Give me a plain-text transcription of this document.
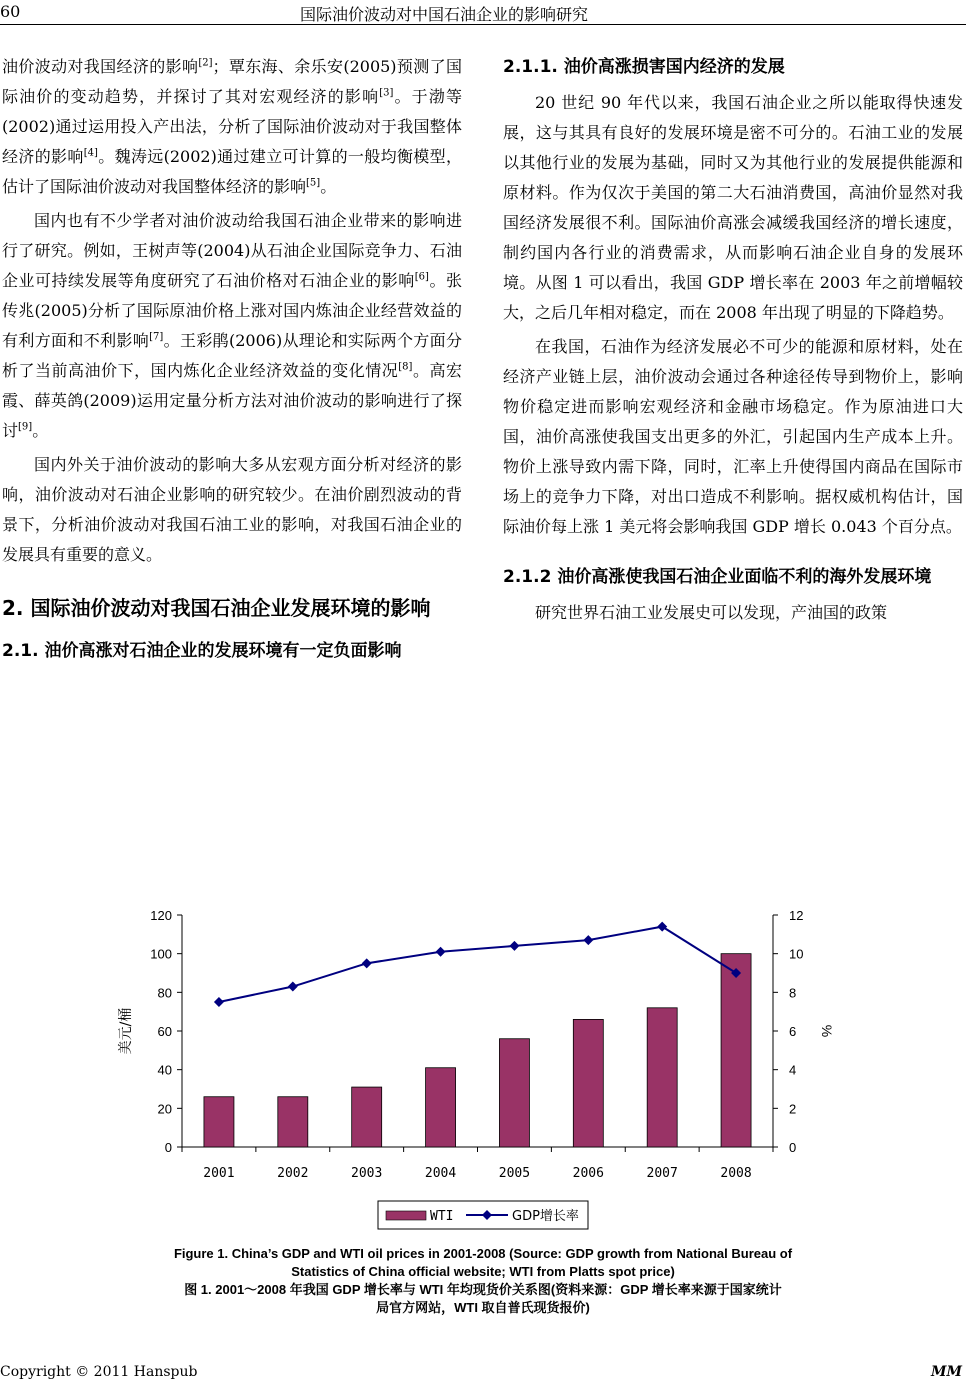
60	国际油价波动对中国石油企业的影响研究

油价波动对我国经济的影响[2]；覃东海、余乐安(2005)预测了国际油价的变动趋势，并探讨了其对宏观经济的影响[3]。于渤等(2002)通过运用投入产出法，分析了国际油价波动对于我国整体经济的影响[4]。魏涛远(2002)通过建立可计算的一般均衡模型，估计了国际油价波动对我国整体经济的影响[5]。

国内也有不少学者对油价波动给我国石油企业带来的影响进行了研究。例如，王树声等(2004)从石油企业国际竞争力、石油企业可持续发展等角度研究了石油价格对石油企业的影响[6]。张传兆(2005)分析了国际原油价格上涨对国内炼油企业经营效益的有利方面和不利影响[7]。王彩鹃(2006)从理论和实际两个方面分析了当前高油价下，国内炼化企业经济效益的变化情况[8]。高宏霞、薛英鸽(2009)运用定量分析方法对油价波动的影响进行了探讨[9]。

国内外关于油价波动的影响大多从宏观方面分析对经济的影响，油价波动对石油企业影响的研究较少。在油价剧烈波动的背景下，分析油价波动对我国石油工业的影响，对我国石油企业的发展具有重要的意义。

2. 国际油价波动对我国石油企业发展环境的影响
2.1. 油价高涨对石油企业的发展环境有一定负面影响
2.1.1. 油价高涨损害国内经济的发展

20 世纪 90 年代以来，我国石油企业之所以能取得快速发展，这与其具有良好的发展环境是密不可分的。石油工业的发展以其他行业的发展为基础，同时又为其他行业的发展提供能源和原材料。作为仅次于美国的第二大石油消费国，高油价显然对我国经济发展很不利。国际油价高涨会减缓我国经济的增长速度，制约国内各行业的消费需求，从而影响石油企业自身的发展环境。从图 1 可以看出，我国 GDP 增长率在 2003 年之前增幅较大，之后几年相对稳定，而在 2008 年出现了明显的下降趋势。

在我国，石油作为经济发展必不可少的能源和原材料，处在经济产业链上层，油价波动会通过各种途径传导到物价上，影响物价稳定进而影响宏观经济和金融市场稳定。作为原油进口大国，油价高涨使我国支出更多的外汇，引起国内生产成本上升。物价上涨导致内需下降，同时，汇率上升使得国内商品在国际市场上的竞争力下降，对出口造成不利影响。据权威机构估计，国际油价每上涨 1 美元将会影响我国 GDP 增长 0.043 个百分点。

2.1.2 油价高涨使我国石油企业面临不利的海外发展环境

研究世界石油工业发展史可以发现，产油国的政策

0
20
40
60
80
100
120
0
2
4
6
8
10
12
美元/桶	%
2001	2002	2003	2004	2005	2006	2007	2008
WTI	GDP增长率
Figure 1. China’s GDP and WTI oil prices in 2001-2008 (Source: GDP growth from National Bureau of
Statistics of China official website; WTI from Platts spot price)
图 1. 2001～2008 年我国 GDP 增长率与 WTI 年均现货价关系图(资料来源：GDP 增长率来源于国家统计
局官方网站，WTI 取自普氏现货报价)
Copyright © 2011 Hanspub	MM
